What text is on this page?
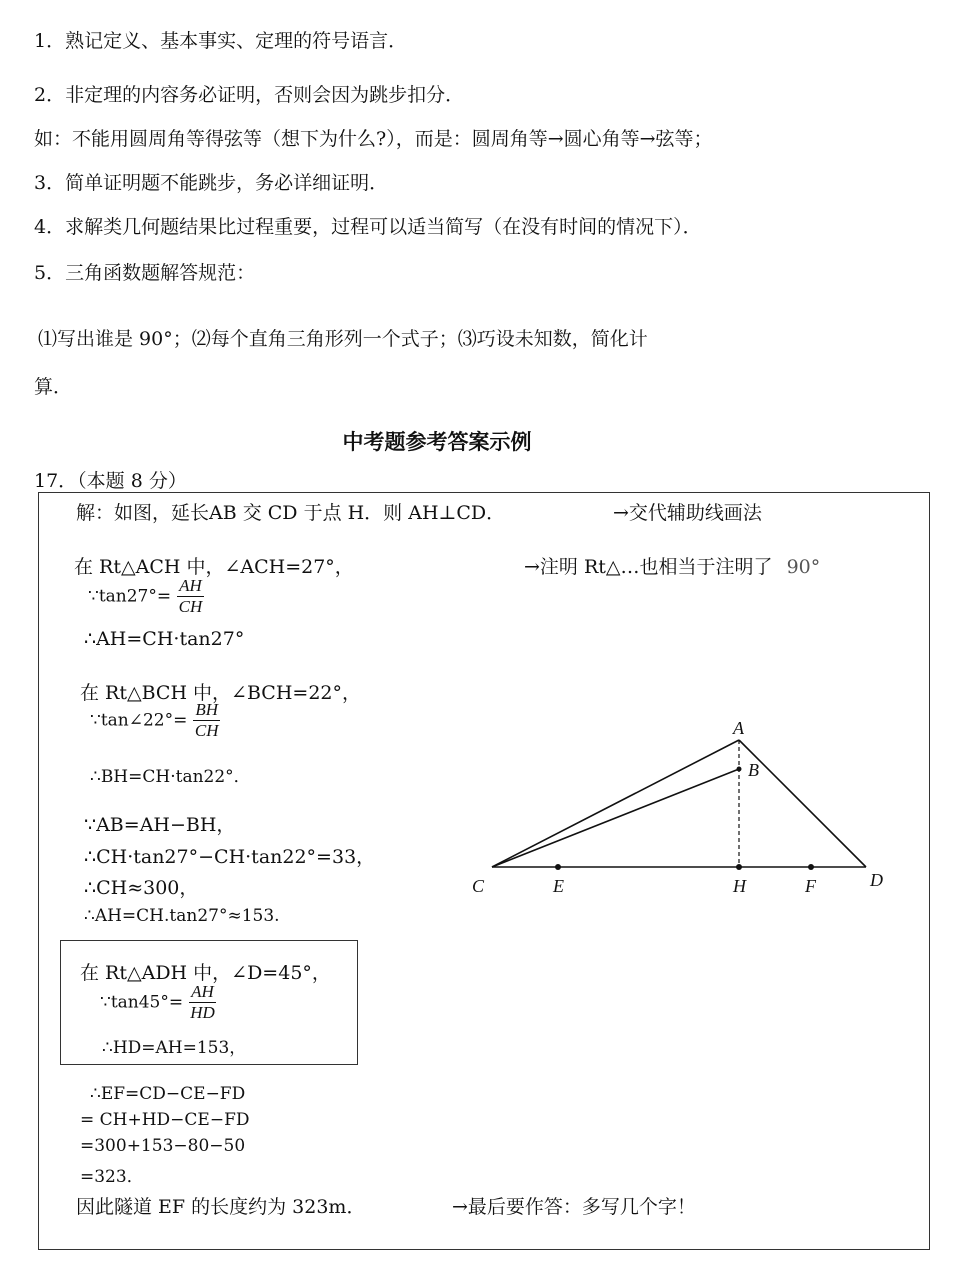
1．熟记定义、基本事实、定理的符号语言．
2．非定理的内容务必证明，否则会因为跳步扣分．
如：不能用圆周角等得弦等（想下为什么?），而是：圆周角等→圆心角等→弦等；
3．简单证明题不能跳步，务必详细证明．
4．求解类几何题结果比过程重要，过程可以适当简写（在没有时间的情况下）．
5．三角函数题解答规范：
⑴写出谁是 90°；⑵每个直角三角形列一个式子；⑶巧设未知数，简化计
算．
中考题参考答案示例
17．（本题 8 分）
解：如图，延长AB 交 CD 于点 H．则 AH⊥CD．	→交代辅助线画法
在 Rt△ACH 中，∠ACH=27°，	→注明 Rt△…也相当于注明了 90°
∵tan27°= $\frac{AH}{CH}$
∴AH=CH·tan27°
在 Rt△BCH 中，∠BCH=22°，
∵tan∠22°= $\frac{BH}{CH}$
∴BH=CH·tan22°．
∵AB=AH−BH，
∴CH·tan27°−CH·tan22°=33，
∴CH≈300，
∴AH=CH.tan27°≈153.
在 Rt△ADH 中，∠D=45°，
∵tan45°= $\frac{AH}{HD}$
∴HD=AH=153，
∴EF=CD−CE−FD
= CH+HD−CE−FD
=300+153−80−50
=323．
因此隧道 EF 的长度约为 323m．	→最后要作答：多写几个字！
A
B
C	E	H	F	D
